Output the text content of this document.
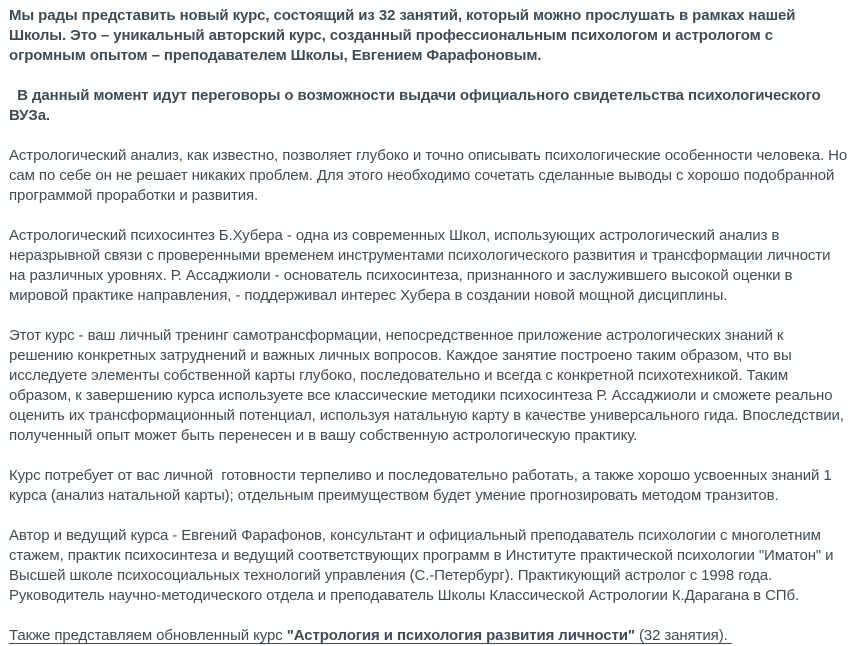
Мы рады представить новый курс, состоящий из 32 занятий, который можно прослушать в рамках нашей Школы. Это – уникальный авторский курс, созданный профессиональным психологом и астрологом с огромным опытом – преподавателем Школы, Евгением Фарафоновым.

В данный момент идут переговоры о возможности выдачи официального свидетельства психологического ВУЗа.

Астрологический анализ, как известно, позволяет глубоко и точно описывать психологические особенности человека. Но сам по себе он не решает никаких проблем. Для этого необходимо сочетать сделанные выводы с хорошо подобранной программой проработки и развития.

Астрологический психосинтез Б.Хубера - одна из современных Школ, использующих астрологический анализ в неразрывной связи с проверенными временем инструментами психологического развития и трансформации личности на различных уровнях. Р. Ассаджиоли - основатель психосинтеза, признанного и заслужившего высокой оценки в мировой практике направления, - поддерживал интерес Хубера в создании новой мощной дисциплины.

Этот курс - ваш личный тренинг самотрансформации, непосредственное приложение астрологических знаний к решению конкретных затруднений и важных личных вопросов. Каждое занятие построено таким образом, что вы исследуете элементы собственной карты глубоко, последовательно и всегда с конкретной психотехникой. Таким образом, к завершению курса используете все классические методики психосинтеза Р. Ассаджиоли и сможете реально оценить их трансформационный потенциал, используя натальную карту в качестве универсального гида. Впоследствии, полученный опыт может быть перенесен и в вашу собственную астрологическую практику.

Курс потребует от вас личной  готовности терпеливо и последовательно работать, а также хорошо усвоенных знаний 1 курса (анализ натальной карты); отдельным преимуществом будет умение прогнозировать методом транзитов.

Автор и ведущий курса - Евгений Фарафонов, консультант и официальный преподаватель психологии с многолетним стажем, практик психосинтеза и ведущий соответствующих программ в Институте практической психологии "Иматон" и Высшей школе психосоциальных технологий управления (С.-Петербург). Практикующий астролог с 1998 года. Руководитель научно-методического отдела и преподаватель Школы Классической Астрологии К.Дарагана в СПб.

Также представляем обновленный курс "Астрология и психология развития личности" (32 занятия).
